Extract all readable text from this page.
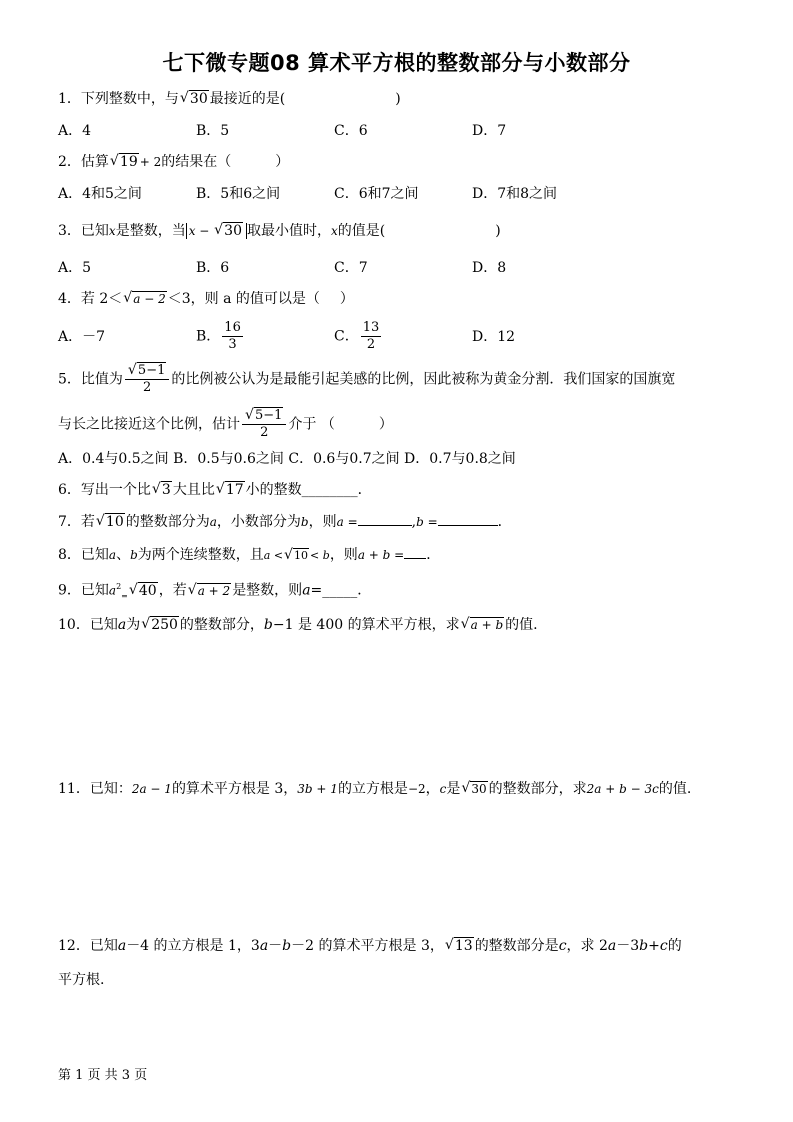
七下微专题08 算术平方根的整数部分与小数部分
1．下列整数中，与√ 30 最接近的是(	)
A．4	B．5	C．6	D．7
2．估算√ 19 + 2的结果在（	）
A．4和5之间	B．5和6之间	C．6和7之间	D．7和8之间
3．已知x是整数，当 x − √ 30 取最小值时，x的值是(	)
A．5	B．6	C．7	D．8
4．若 2＜√ a − 2 ＜3，则 a 的值可以是（ ）
A．－7	B． $\frac{16}{3}$	C． $\frac{13}{2}$	D．12
5．比值为
√ $\frac{5-1}{2}$ 的比例被公认为是最能引起美感的比例，因此被称为黄金分割．我们国家的国旗宽
与长之比接近这个比例，估计
√ $\frac{5-1}{2}$ 介于 （	）
A．0.4与0.5之间 B．0.5与0.6之间 C．0.6与0.7之间 D．0.7与0.8之间
6．写出一个比√ 3 大且比√ 17 小的整数________．
7．若√ 10 的整数部分为a，小数部分为b，则a =	,b =	．
8．已知a、b为两个连续整数，且a <√ 10 < b，则a + b = ．
9．已知$a^2_=√$ 40 ，若√ a + 2 是整数，则a=_____．
10．已知a为√ 250 的整数部分，b−1 是 400 的算术平方根，求√ a + b 的值.
11．已知：2a − 1的算术平方根是 3，3b + 1的立方根是−2，c是√ 30 的整数部分，求2a + b − 3c的值.
12．已知a－4 的立方根是 1，3a－b－2 的算术平方根是 3，√ 13 的整数部分是c，求 2a－3b+c的
平方根.
第 1 页 共 3 页
